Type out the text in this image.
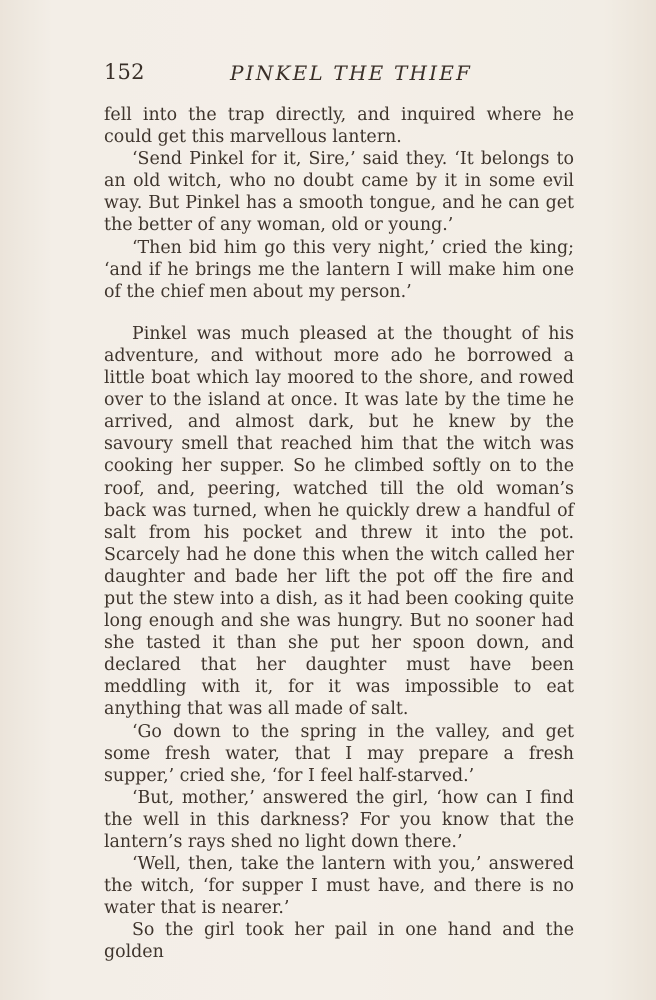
152	PINKEL THE THIEF

fell into the trap directly, and inquired where he could get this marvellous lantern.

‘Send Pinkel for it, Sire,’ said they. ‘It belongs to an old witch, who no doubt came by it in some evil way. But Pinkel has a smooth tongue, and he can get the better of any woman, old or young.’

‘Then bid him go this very night,’ cried the king; ‘and if he brings me the lantern I will make him one of the chief men about my person.’

Pinkel was much pleased at the thought of his adventure, and without more ado he borrowed a little boat which lay moored to the shore, and rowed over to the island at once. It was late by the time he arrived, and almost dark, but he knew by the savoury smell that reached him that the witch was cooking her supper. So he climbed softly on to the roof, and, peering, watched till the old woman’s back was turned, when he quickly drew a handful of salt from his pocket and threw it into the pot. Scarcely had he done this when the witch called her daughter and bade her lift the pot off the fire and put the stew into a dish, as it had been cooking quite long enough and she was hungry. But no sooner had she tasted it than she put her spoon down, and declared that her daughter must have been meddling with it, for it was impossible to eat anything that was all made of salt.

‘Go down to the spring in the valley, and get some fresh water, that I may prepare a fresh supper,’ cried she, ‘for I feel half-starved.’

‘But, mother,’ answered the girl, ‘how can I find the well in this darkness? For you know that the lantern’s rays shed no light down there.’

‘Well, then, take the lantern with you,’ answered the witch, ‘for supper I must have, and there is no water that is nearer.’

So the girl took her pail in one hand and the golden
